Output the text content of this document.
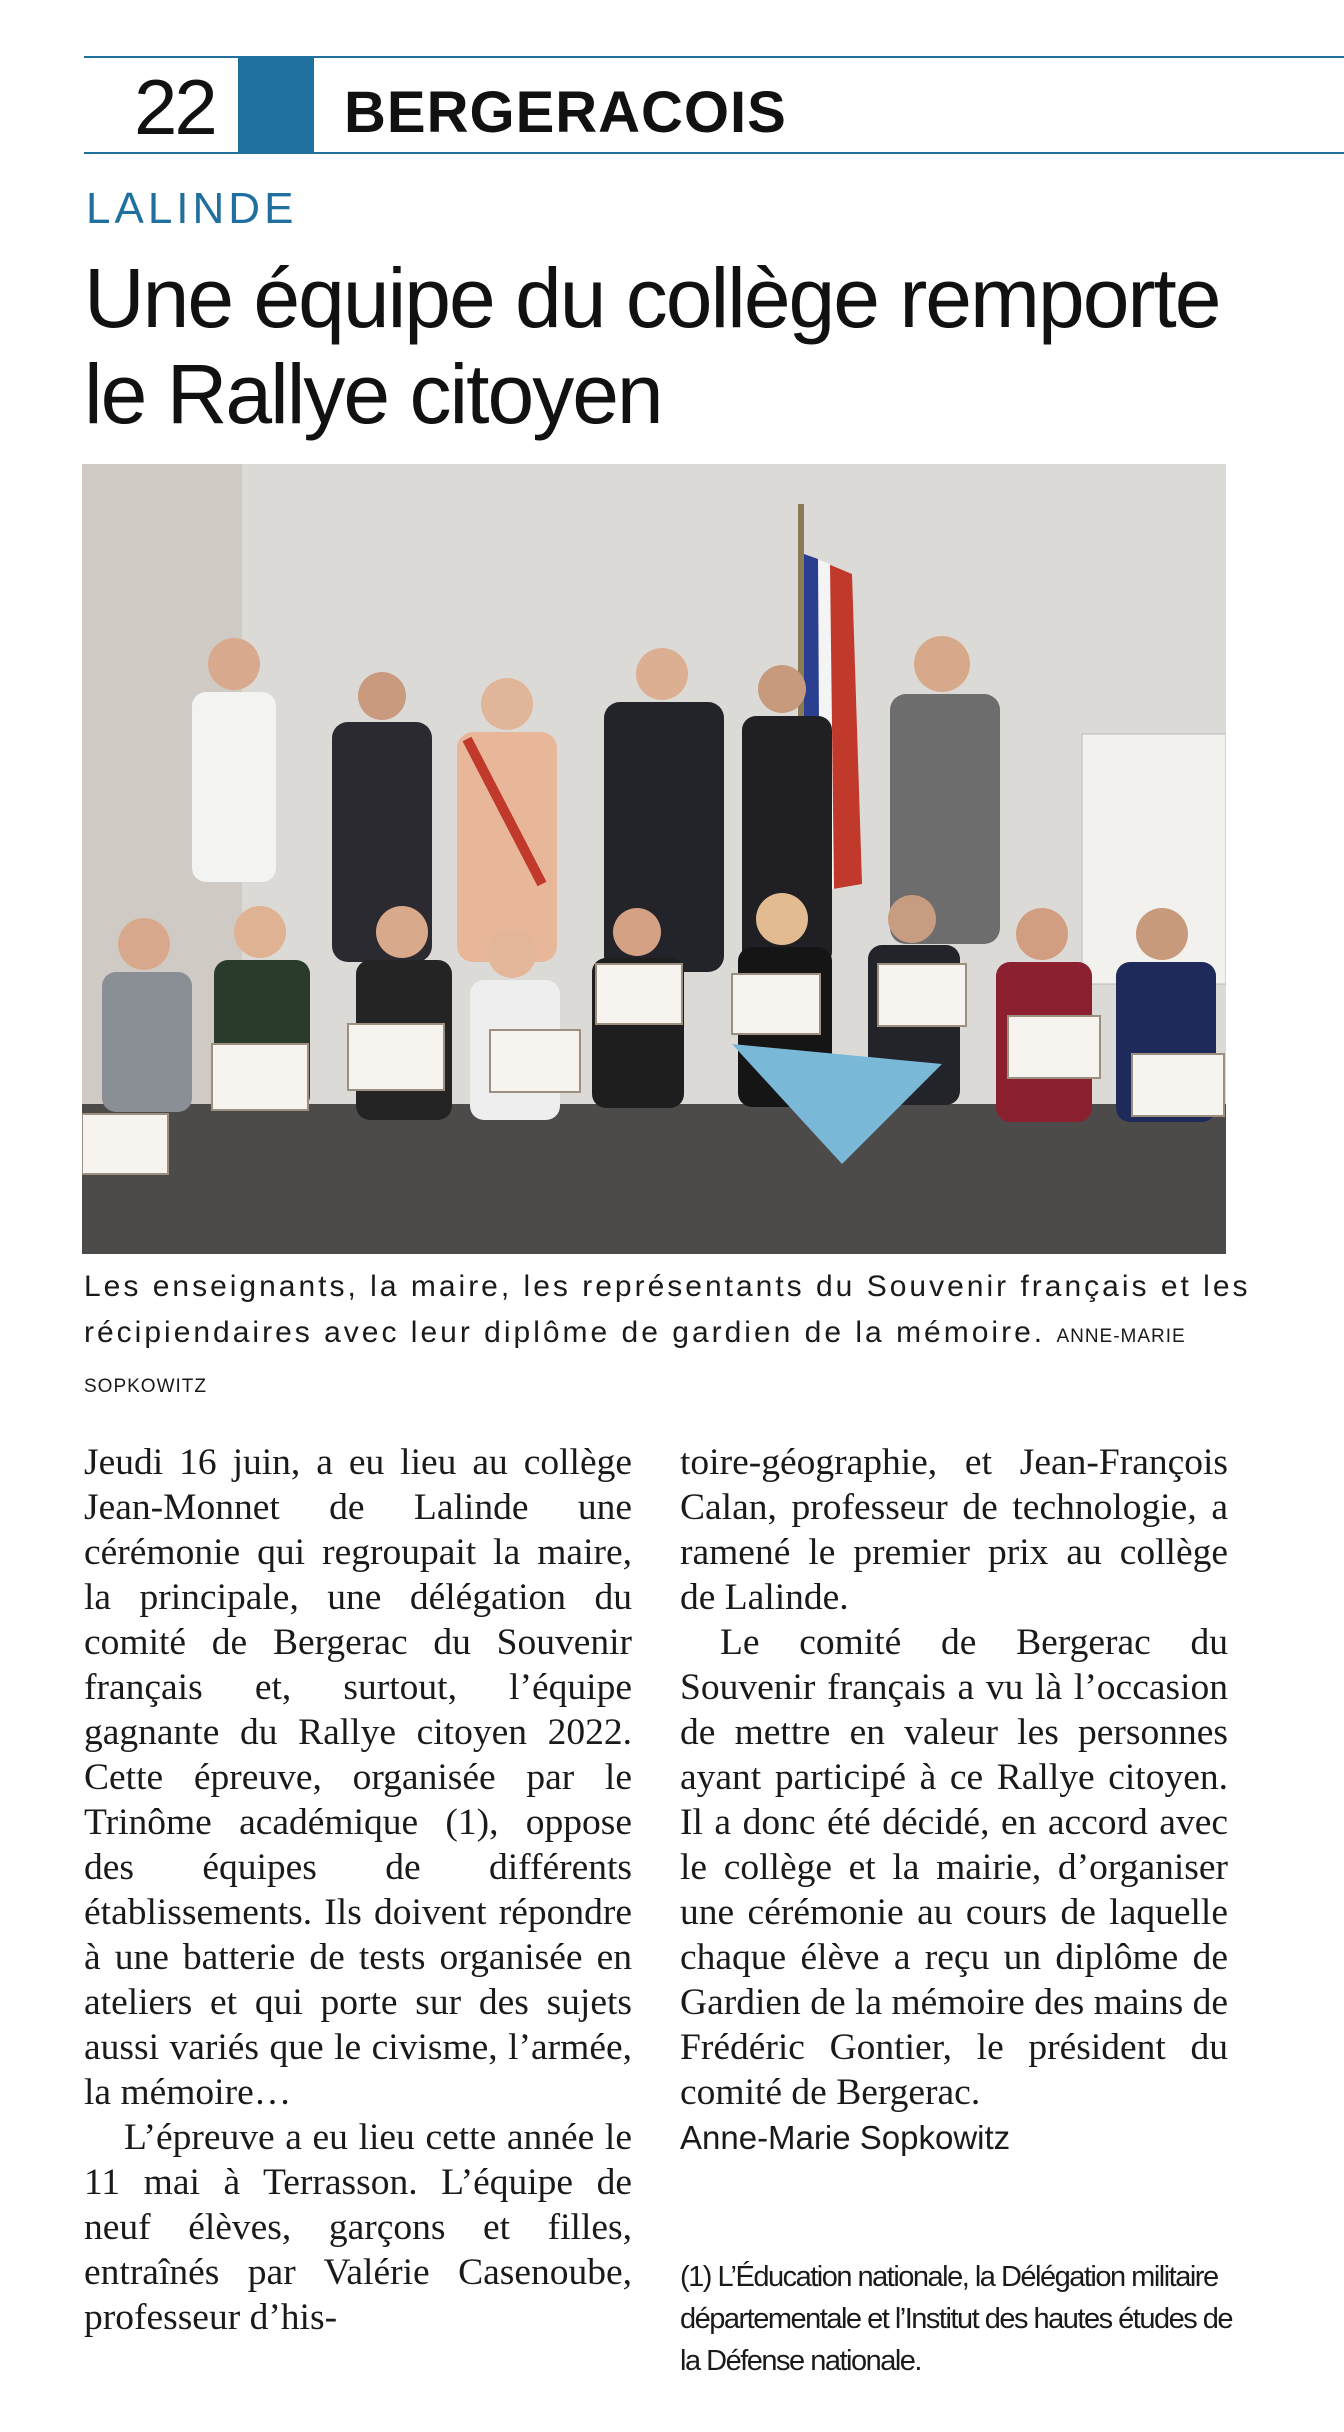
22	BERGERACOIS
LALINDE
Une équipe du collège remporte le Rallye citoyen
Les enseignants, la maire, les représentants du Souvenir français et les récipiendaires avec leur diplôme de gardien de la mémoire. ANNE-MARIE SOPKOWITZ

Jeudi 16 juin, a eu lieu au collège Jean-Monnet de Lalinde une cérémonie qui regroupait la maire, la principale, une délégation du comité de Bergerac du Souvenir français et, surtout, l’équipe gagnante du Rallye citoyen 2022. Cette épreuve, organisée par le Trinôme académique (1), oppose des équipes de différents établissements. Ils doivent répondre à une batterie de tests organisée en ateliers et qui porte sur des sujets aussi variés que le civisme, l’armée, la mémoire…

L’épreuve a eu lieu cette année le 11 mai à Terrasson. L’équipe de neuf élèves, garçons et filles, entraînés par Valérie Casenoube, professeur d’his-

toire-géographie, et Jean-François Calan, professeur de technologie, a ramené le premier prix au collège de Lalinde.

Le comité de Bergerac du Souvenir français a vu là l’occasion de mettre en valeur les personnes ayant participé à ce Rallye citoyen. Il a donc été décidé, en accord avec le collège et la mairie, d’organiser une cérémonie au cours de laquelle chaque élève a reçu un diplôme de Gardien de la mémoire des mains de Frédéric Gontier, le président du comité de Bergerac.

Anne-Marie Sopkowitz

(1) L’Éducation nationale, la Délégation militaire départementale et l’Institut des hautes études de la Défense nationale.
